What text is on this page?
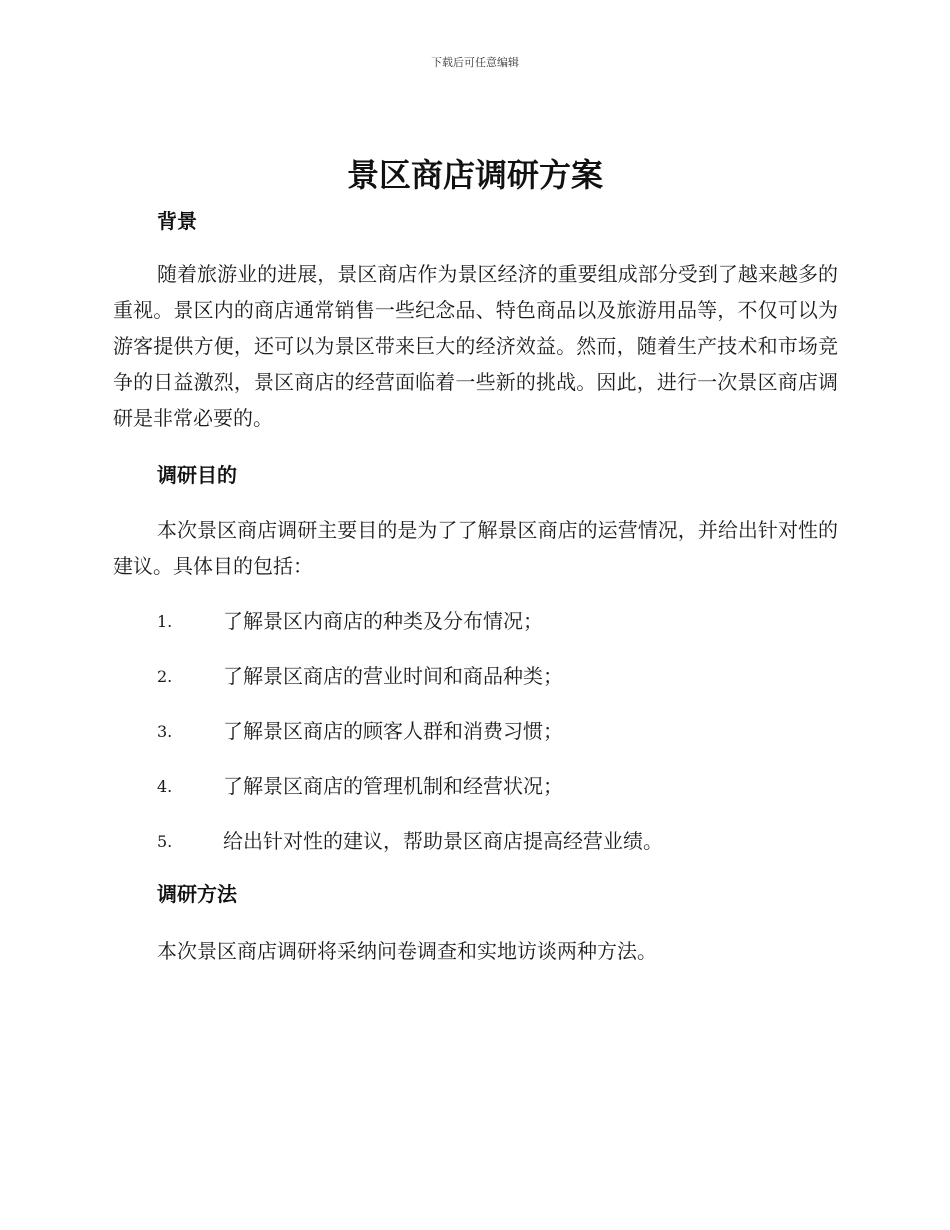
下载后可任意编辑
景区商店调研方案
背景

随着旅游业的进展，景区商店作为景区经济的重要组成部分受到了越来越多的重视。景区内的商店通常销售一些纪念品、特色商品以及旅游用品等，不仅可以为游客提供方便，还可以为景区带来巨大的经济效益。然而，随着生产技术和市场竞争的日益激烈，景区商店的经营面临着一些新的挑战。因此，进行一次景区商店调研是非常必要的。

调研目的

本次景区商店调研主要目的是为了了解景区商店的运营情况，并给出针对性的建议。具体目的包括：

1.	了解景区内商店的种类及分布情况；
2.	了解景区商店的营业时间和商品种类；
3.	了解景区商店的顾客人群和消费习惯；
4.	了解景区商店的管理机制和经营状况；
5.	给出针对性的建议，帮助景区商店提高经营业绩。
调研方法

本次景区商店调研将采纳问卷调查和实地访谈两种方法。
